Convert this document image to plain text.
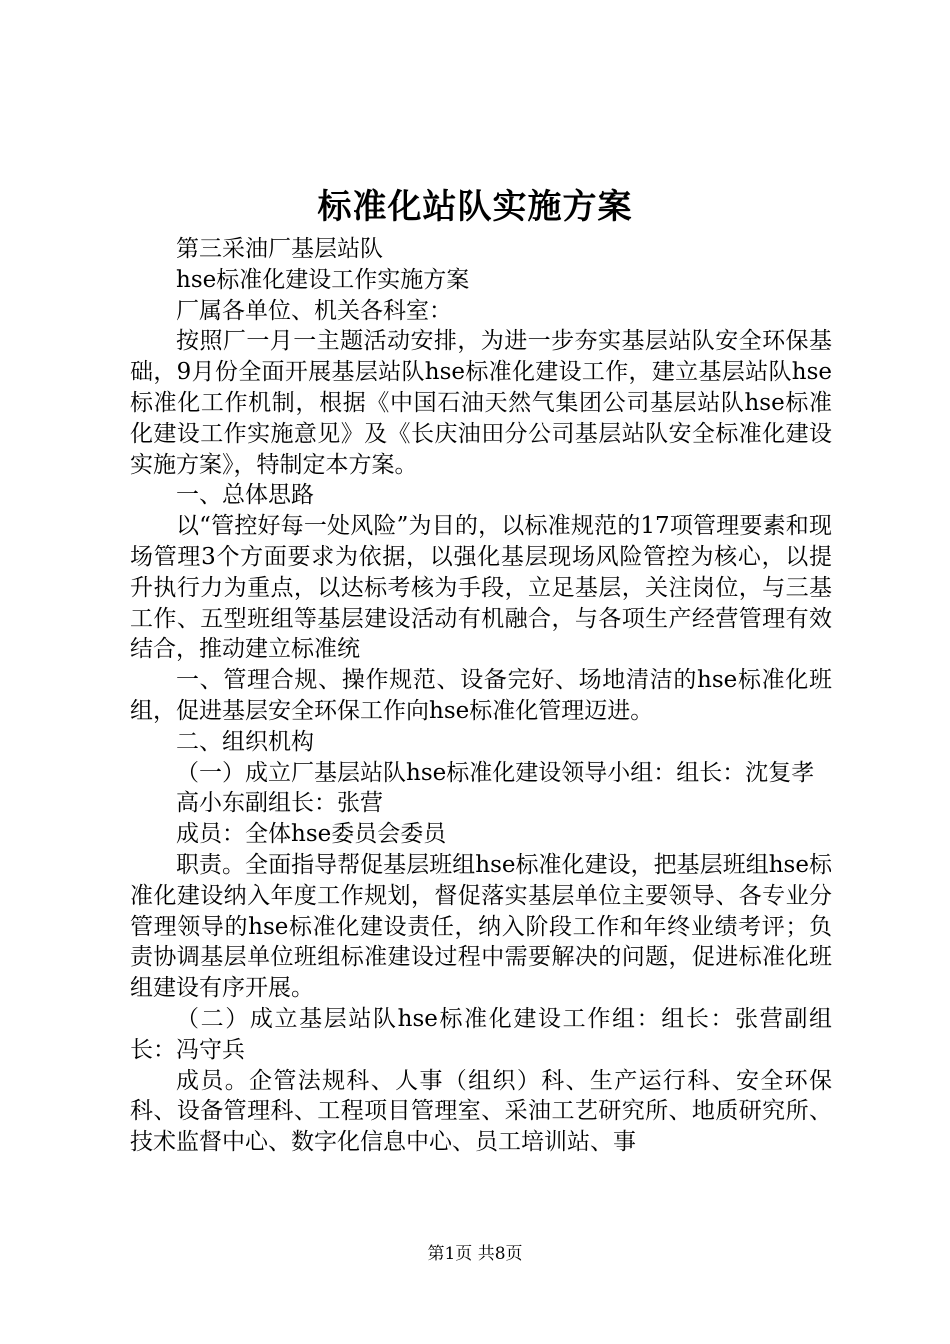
标准化站队实施方案

第三采油厂基层站队

hse标准化建设工作实施方案

厂属各单位、机关各科室：

按照厂一月一主题活动安排，为进一步夯实基层站队安全环保基础，9月份全面开展基层站队hse标准化建设工作，建立基层站队hse标准化工作机制，根据《中国石油天然气集团公司基层站队hse标准化建设工作实施意见》及《长庆油田分公司基层站队安全标准化建设实施方案》，特制定本方案。

一、总体思路

以“管控好每一处风险”为目的，以标准规范的17项管理要素和现场管理3个方面要求为依据，以强化基层现场风险管控为核心，以提升执行力为重点，以达标考核为手段，立足基层，关注岗位，与三基工作、五型班组等基层建设活动有机融合，与各项生产经营管理有效结合，推动建立标准统

一、管理合规、操作规范、设备完好、场地清洁的hse标准化班组，促进基层安全环保工作向hse标准化管理迈进。

二、组织机构

（一）成立厂基层站队hse标准化建设领导小组：组长：沈复孝

高小东副组长：张营

成员：全体hse委员会委员

职责。全面指导帮促基层班组hse标准化建设，把基层班组hse标准化建设纳入年度工作规划，督促落实基层单位主要领导、各专业分管理领导的hse标准化建设责任，纳入阶段工作和年终业绩考评；负责协调基层单位班组标准建设过程中需要解决的问题，促进标准化班组建设有序开展。

（二）成立基层站队hse标准化建设工作组：组长：张营副组长：冯守兵

成员。企管法规科、人事（组织）科、生产运行科、安全环保科、设备管理科、工程项目管理室、采油工艺研究所、地质研究所、技术监督中心、数字化信息中心、员工培训站、事

第1页 共8页
